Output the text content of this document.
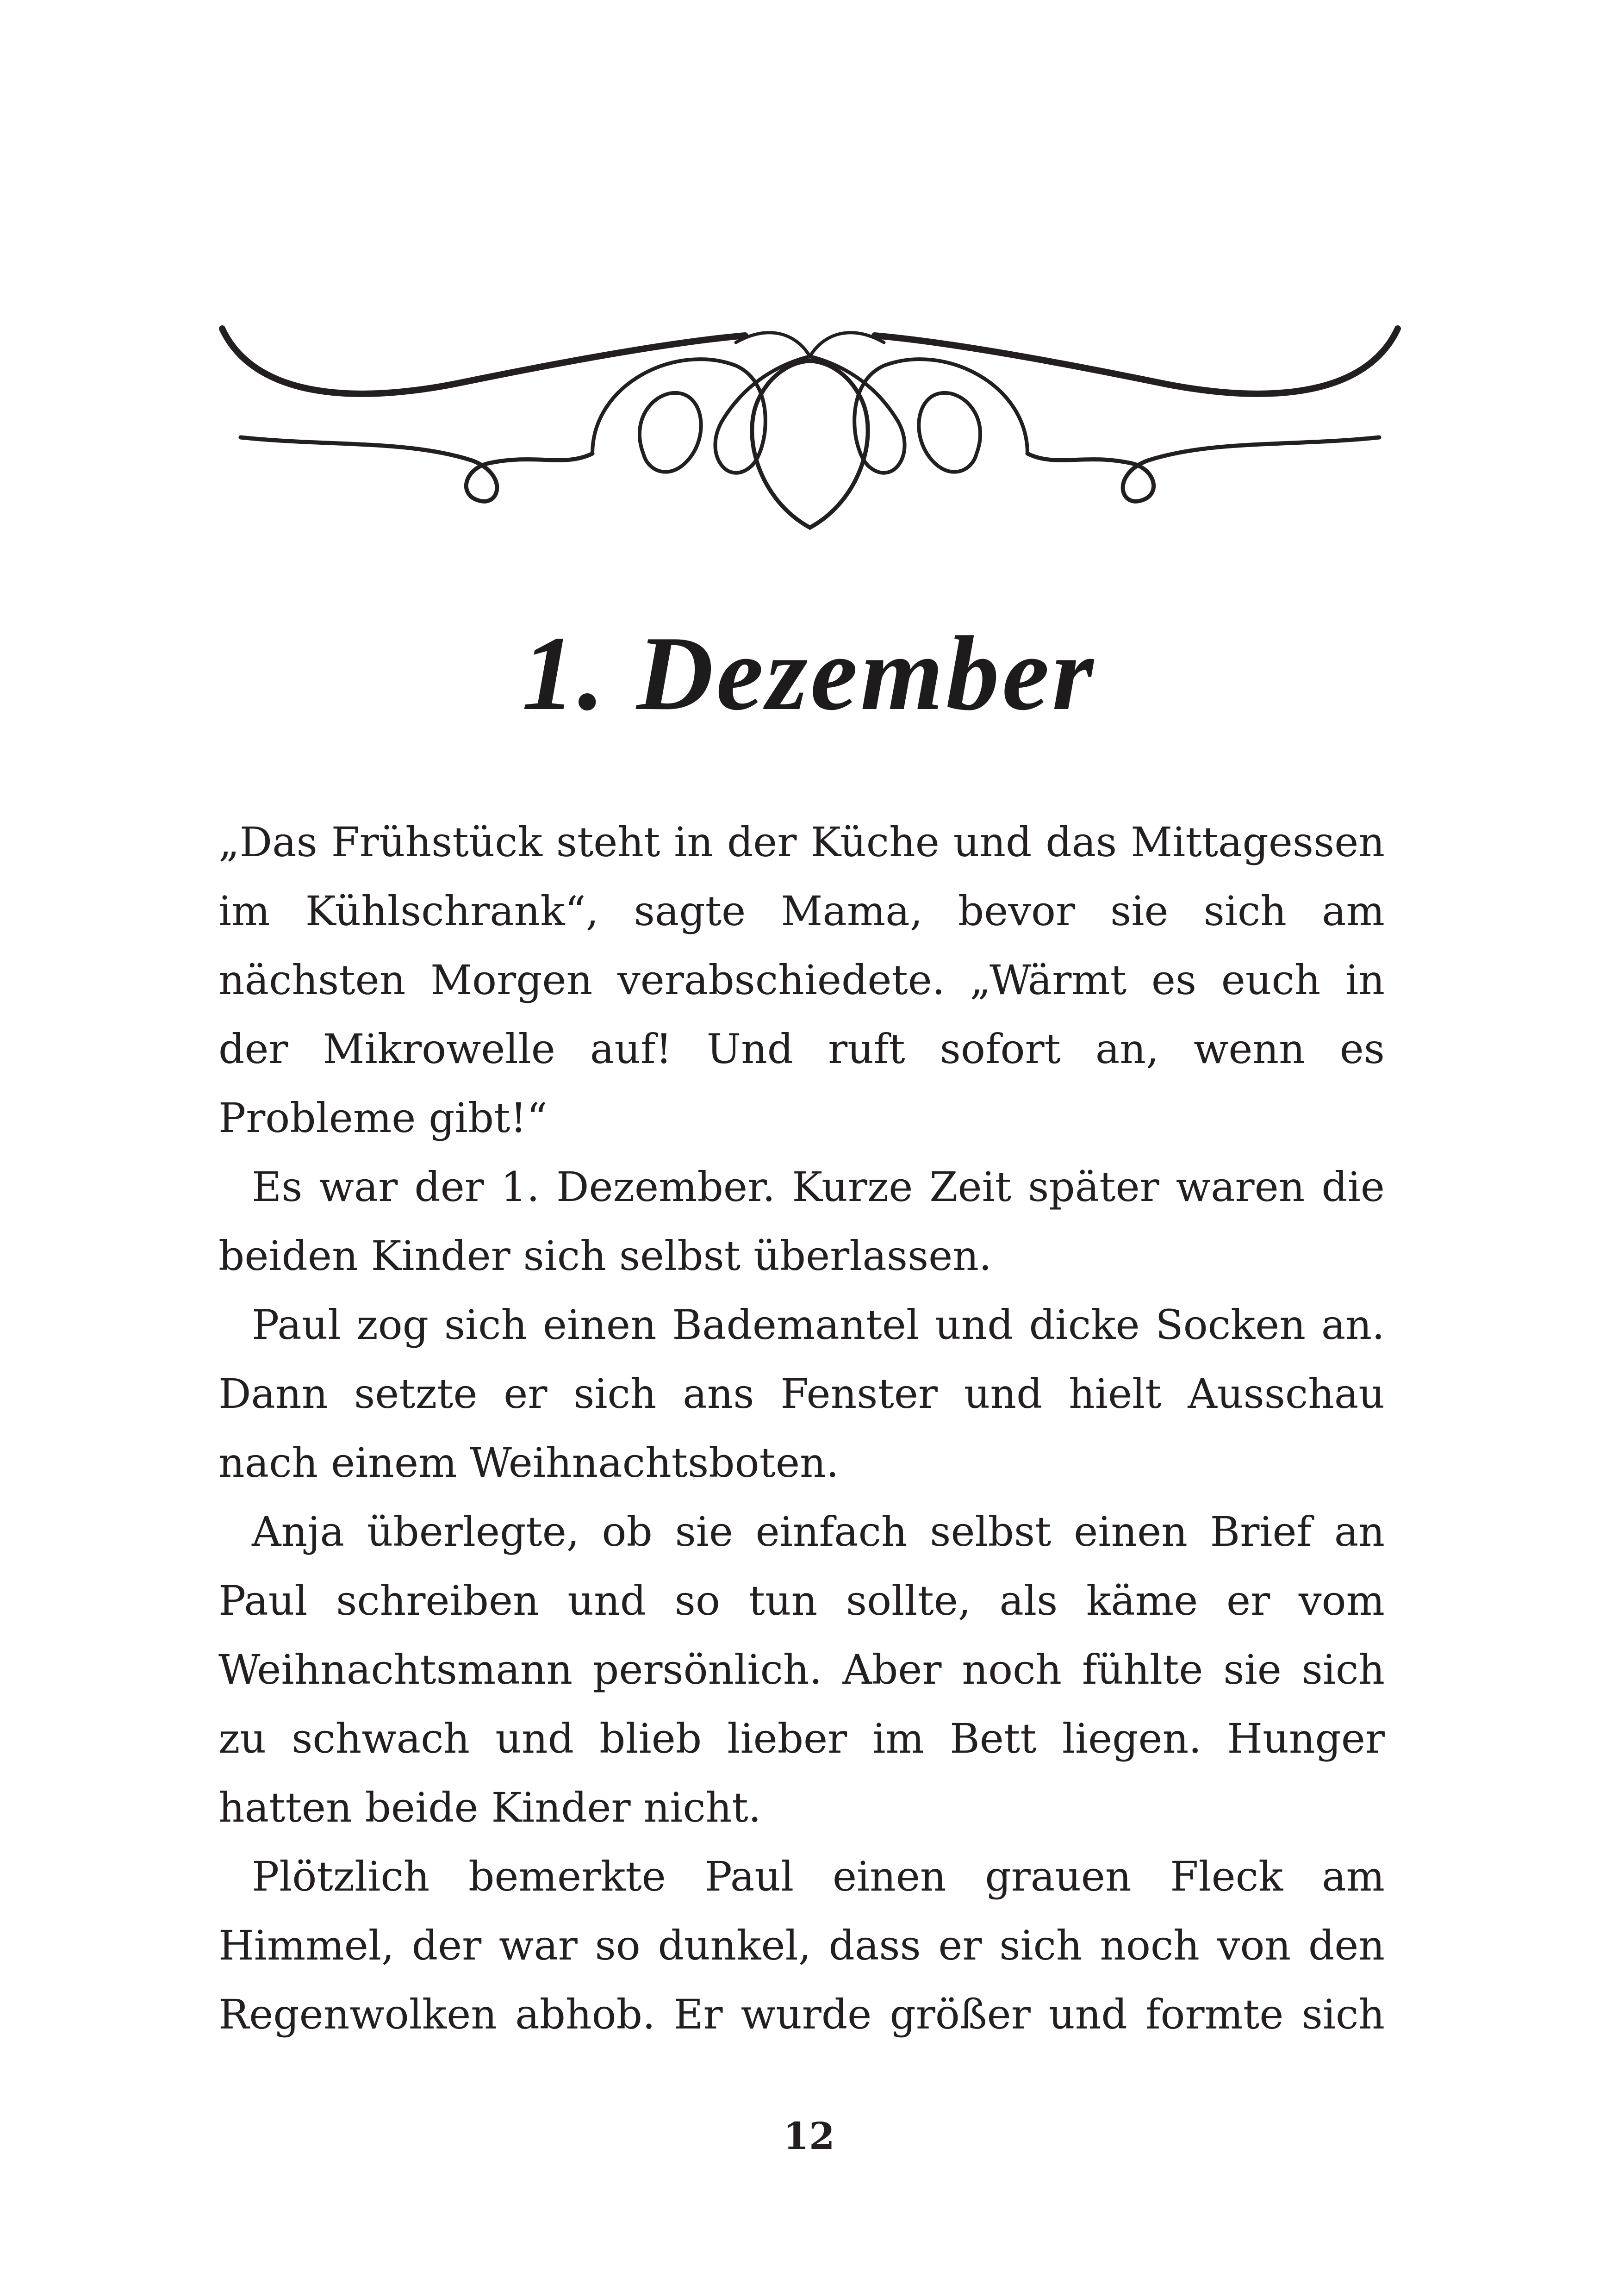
1. Dezember

„Das Frühstück steht in der Küche und das Mittagessen im Kühlschrank“, sagte Mama, bevor sie sich am nächsten Morgen verabschiedete. „Wärmt es euch in der Mikrowelle auf! Und ruft sofort an, wenn es Probleme gibt!“

Es war der 1. Dezember. Kurze Zeit später waren die beiden Kinder sich selbst überlassen.

Paul zog sich einen Bademantel und dicke Socken an. Dann setzte er sich ans Fenster und hielt Ausschau nach einem Weihnachtsboten.

Anja überlegte, ob sie einfach selbst einen Brief an Paul schreiben und so tun sollte, als käme er vom Weihnachtsmann persönlich. Aber noch fühlte sie sich zu schwach und blieb lieber im Bett liegen. Hunger hatten beide Kinder nicht.

Plötzlich bemerkte Paul einen grauen Fleck am Himmel, der war so dunkel, dass er sich noch von den Regenwolken abhob. Er wurde größer und formte sich

12
